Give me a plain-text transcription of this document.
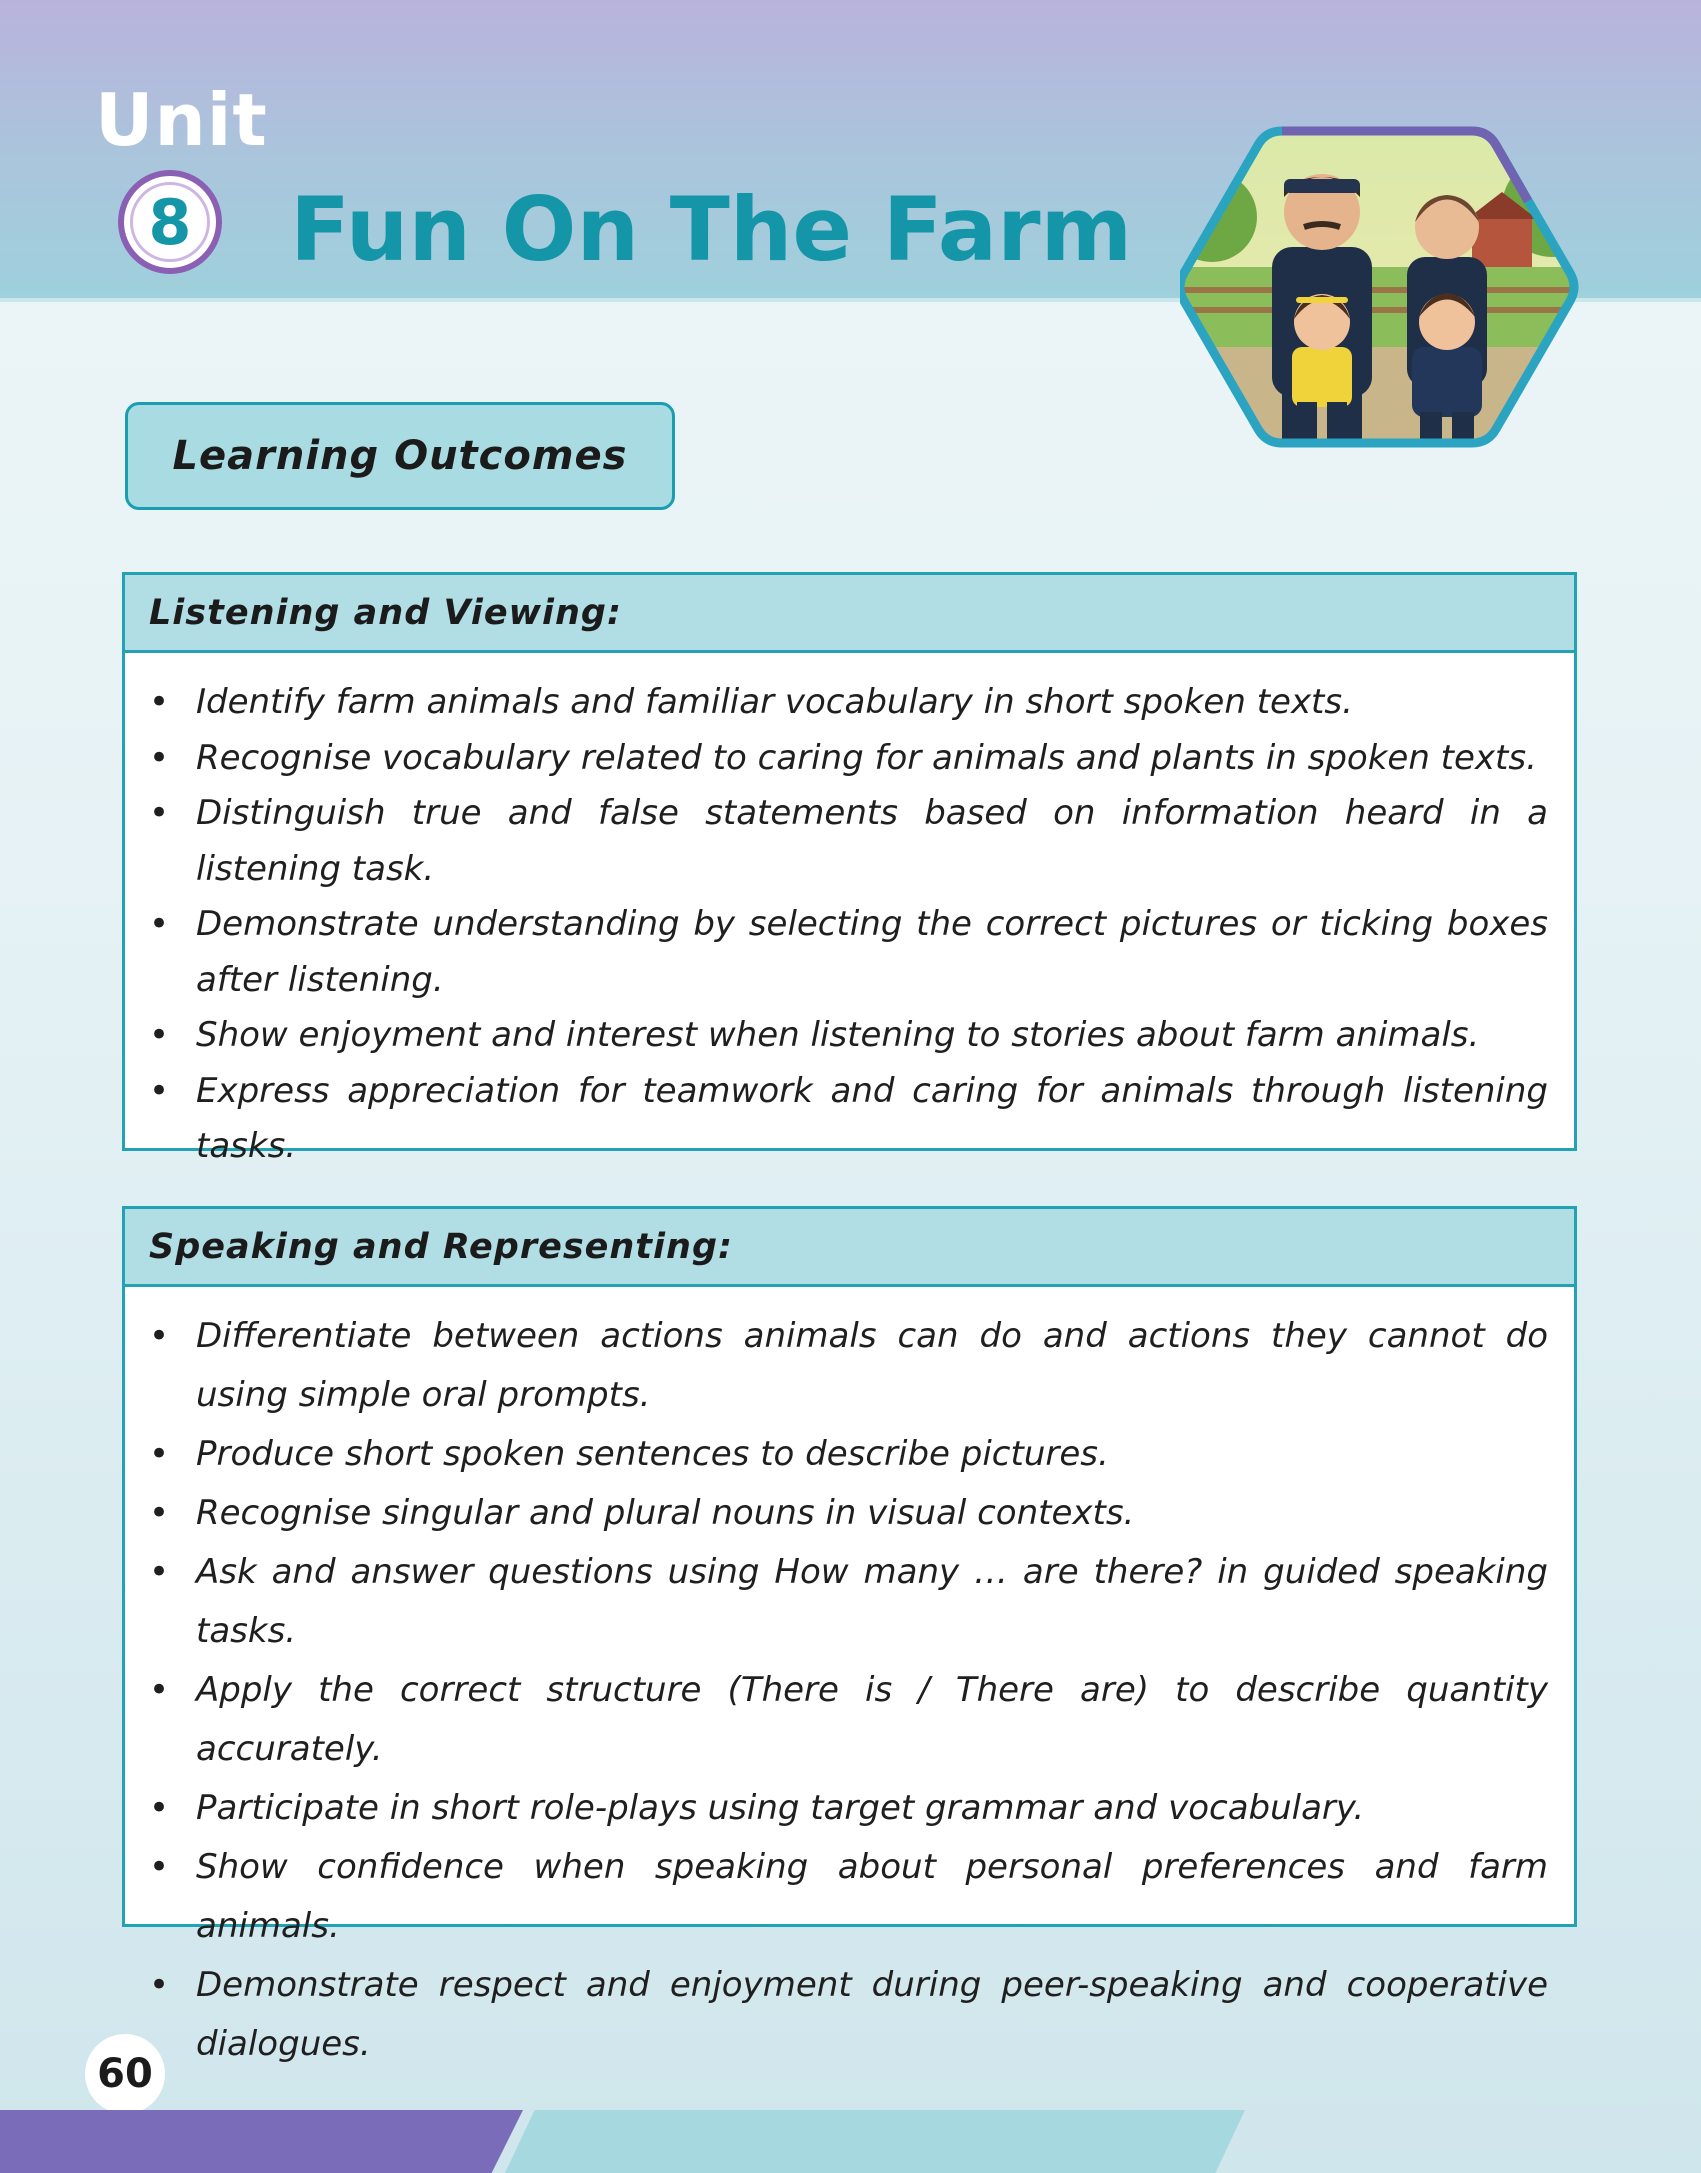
Unit
8 Fun On The Farm
Learning Outcomes
Listening and Viewing:
• Identify farm animals and familiar vocabulary in short spoken texts.
• Recognise vocabulary related to caring for animals and plants in spoken texts.
• Distinguish true and false statements based on information heard in a listening task.
• Demonstrate understanding by selecting the correct pictures or ticking boxes after listening.
• Show enjoyment and interest when listening to stories about farm animals.
• Express appreciation for teamwork and caring for animals through listening tasks.
Speaking and Representing:
• Differentiate between actions animals can do and actions they cannot do using simple oral prompts.
• Produce short spoken sentences to describe pictures.
• Recognise singular and plural nouns in visual contexts.
• Ask and answer questions using How many … are there? in guided speaking tasks.
• Apply the correct structure (There is / There are) to describe quantity accurately.
• Participate in short role-plays using target grammar and vocabulary.
• Show confidence when speaking about personal preferences and farm animals.
• Demonstrate respect and enjoyment during peer-speaking and cooperative dialogues.
60
